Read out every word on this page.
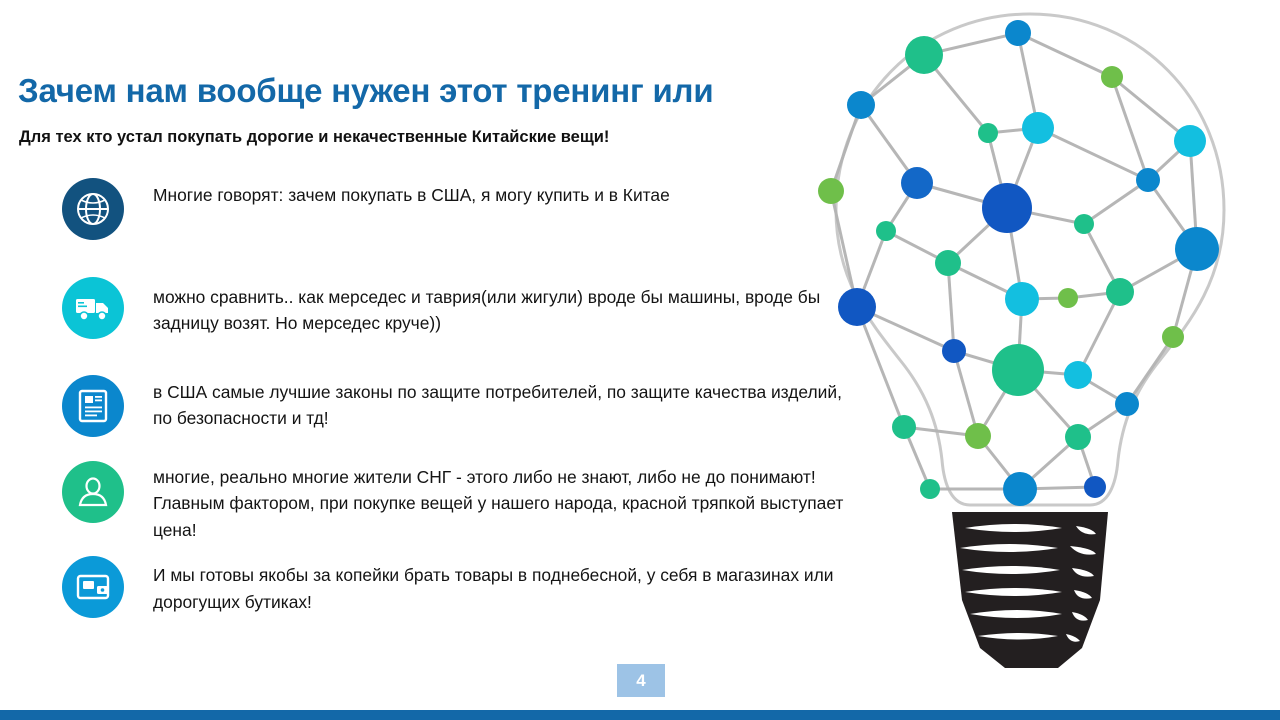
Зачем нам вообще нужен этот тренинг или
Для тех кто устал покупать дорогие и некачественные Китайские вещи!
Многие говорят: зачем покупать в США, я могу купить и в Китае
можно сравнить.. как мерседес и таврия(или жигули) вроде бы машины, вроде бы задницу возят. Но мерседес круче))
в США самые лучшие законы по защите потребителей, по защите качества изделий, по безопасности и тд!
многие, реально многие жители СНГ - этого либо не знают, либо не до понимают! Главным фактором, при покупке вещей у нашего народа, красной тряпкой выступает цена!
И мы готовы якобы за копейки брать товары в поднебесной, у себя в магазинах или дорогущих бутиках!
4
